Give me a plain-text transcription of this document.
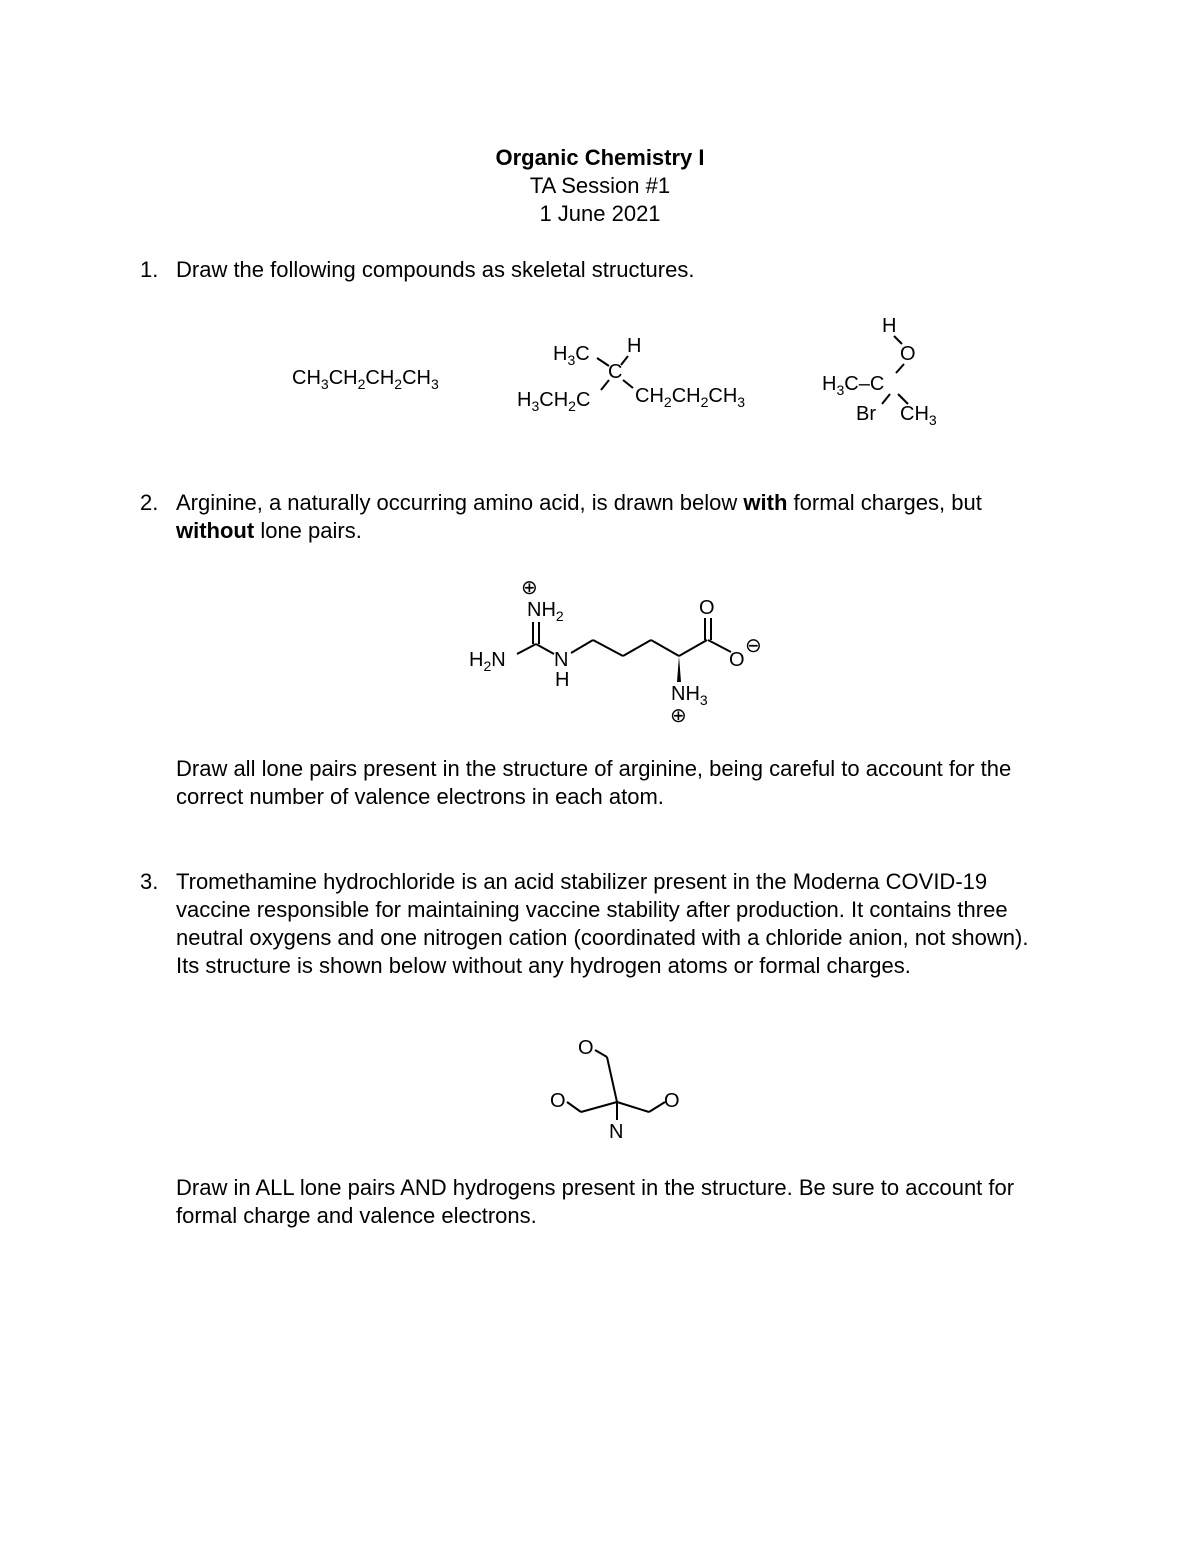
Organic Chemistry I
TA Session #1
1 June 2021
1. Draw the following compounds as skeletal structures.
$CH_3CH_2CH_2CH_3$
$H_3C$ H
C
$H_3CH_2C$ $CH_2CH_2CH_3$
H
O
$H_3C-C$
Br $CH_3$
2. Arginine, a naturally occurring amino acid, is drawn below with formal charges, but
without lone pairs.
⊕
$NH_2$
$H_2N$ N
H
O
O
⊖
$NH_3$
⊕
Draw all lone pairs present in the structure of arginine, being careful to account for the correct number of valence electrons in each atom.
3. Tromethamine hydrochloride is an acid stabilizer present in the Moderna COVID-19 vaccine responsible for maintaining vaccine stability after production. It contains three neutral oxygens and one nitrogen cation (coordinated with a chloride anion, not shown). Its structure is shown below without any hydrogen atoms or formal charges.
O
O	O
N
Draw in ALL lone pairs AND hydrogens present in the structure. Be sure to account for formal charge and valence electrons.
